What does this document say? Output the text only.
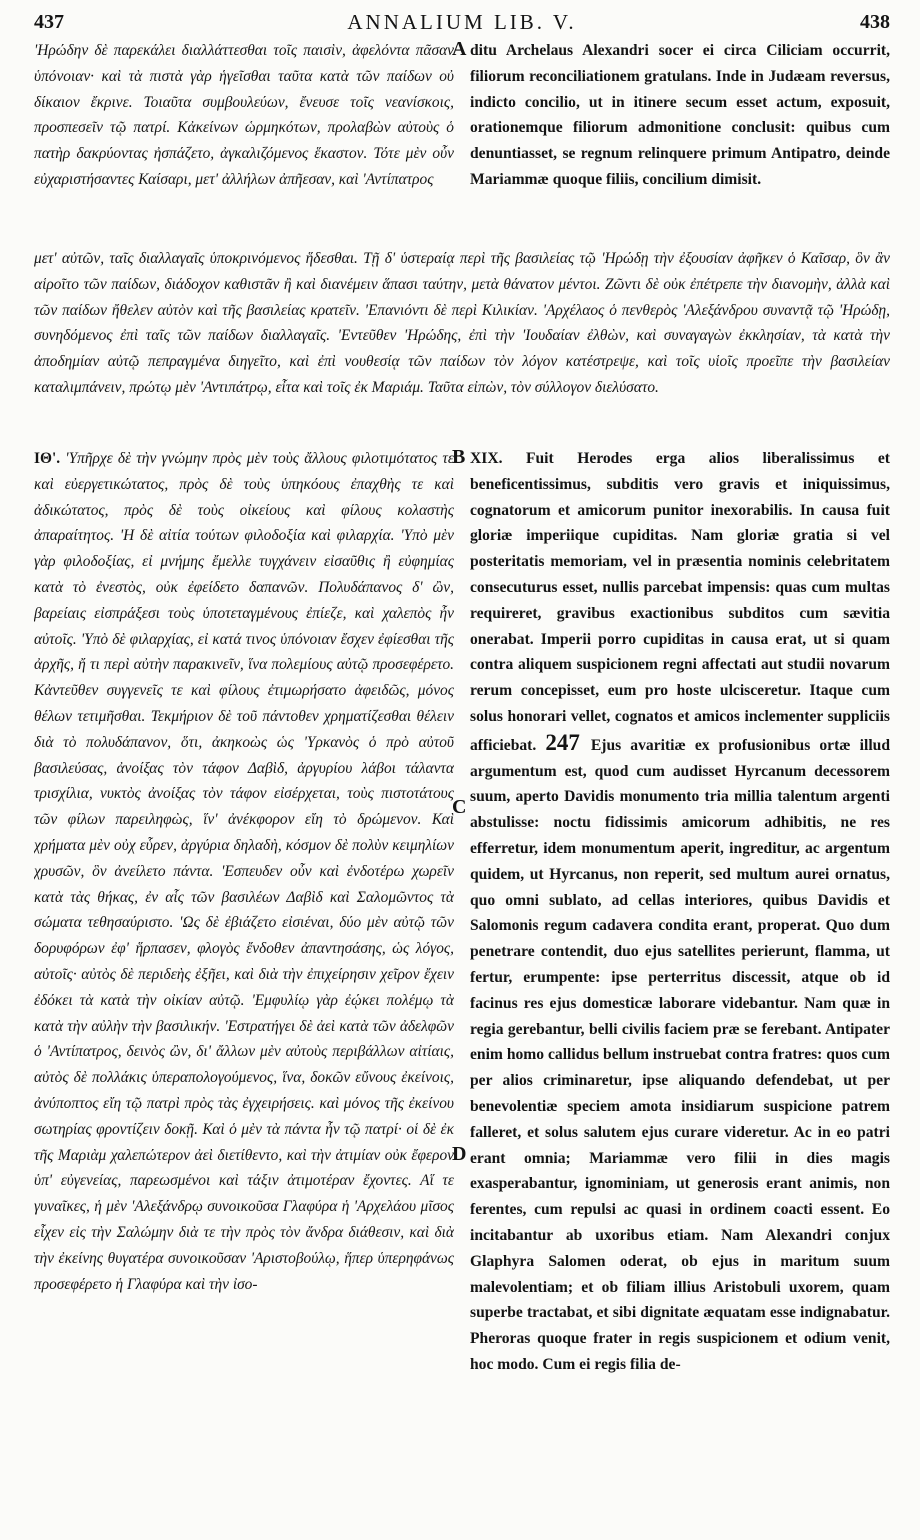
437	ANNALIUM LIB. V.	438

'Ηρώδην δὲ παρεκάλει διαλλάττεσθαι τοῖς παισὶν, ἀφελόντα πᾶσαν ὑπόνοιαν· καὶ τὰ πιστὰ γὰρ ἡγεῖσθαι ταῦτα κατὰ τῶν παίδων οὐ δίκαιον ἔκρινε. Τοιαῦτα συμβουλεύων, ἔνευσε τοῖς νεανίσκοις, προσπεσεῖν τῷ πατρί. Κἀκείνων ὡρμηκότων, προλαβὼν αὐτοὺς ὁ πατὴρ δακρύοντας ἠσπάζετο, ἀγκαλιζόμενος ἕκαστον. Τότε μὲν οὖν εὐχαριστήσαντες Καίσαρι, μετ' ἀλλήλων ἀπῆεσαν, καὶ 'Αντίπατρος

A ditu Archelaus Alexandri socer ei circa Ciliciam occurrit, filiorum reconciliationem gratulans. Inde in Judæam reversus, indicto concilio, ut in itinere secum esset actum, exposuit, orationemque filiorum admonitione conclusit: quibus cum denuntiasset, se regnum relinquere primum Antipatro, deinde Mariammæ quoque filiis, concilium dimisit.

μετ' αὐτῶν, ταῖς διαλλαγαῖς ὑποκρινόμενος ἥδεσθαι. Τῇ δ' ὑστεραίᾳ περὶ τῆς βασιλείας τῷ 'Ηρώδῃ τὴν ἐξουσίαν ἀφῆκεν ὁ Καῖσαρ, ὃν ἂν αἱροῖτο τῶν παίδων, διάδοχον καθιστᾶν ἢ καὶ διανέμειν ἅπασι ταύτην, μετὰ θάνατον μέντοι. Ζῶντι δὲ οὐκ ἐπέτρεπε τὴν διανομὴν, ἀλλὰ καὶ τῶν παίδων ἤθελεν αὐτὸν καὶ τῆς βασιλείας κρατεῖν. 'Επανιόντι δὲ περὶ Κιλικίαν. 'Αρχέλαος ὁ πενθερὸς 'Αλεξάνδρου συναντᾷ τῷ 'Ηρώδῃ, συνηδόμενος ἐπὶ ταῖς τῶν παίδων διαλλαγαῖς. 'Εντεῦθεν 'Ηρώδης, ἐπὶ τὴν 'Ιουδαίαν ἐλθὼν, καὶ συναγαγὼν ἐκκλησίαν, τὰ κατὰ τὴν ἀποδημίαν αὐτῷ πεπραγμένα διηγεῖτο, καὶ ἐπὶ νουθεσίᾳ τῶν παίδων τὸν λόγον κατέστρεψε, καὶ τοῖς υἱοῖς προεῖπε τὴν βασιλείαν καταλιμπάνειν, πρώτῳ μὲν 'Αντιπάτρῳ, εἶτα καὶ τοῖς ἐκ Μαριάμ. Ταῦτα εἰπὼν, τὸν σύλλογον διελύσατο.

ΙΘ'. 'Υπῆρχε δὲ τὴν γνώμην πρὸς μὲν τοὺς ἄλλους φιλοτιμότατος τε καὶ εὐεργετικώτατος, πρὸς δὲ τοὺς ὑπηκόους ἐπαχθὴς τε καὶ ἀδικώτατος, πρὸς δὲ τοὺς οἰκείους καὶ φίλους κολαστὴς ἀπαραίτητος. 'Η δὲ αἰτία τούτων φιλοδοξία καὶ φιλαρχία. 'Υπὸ μὲν γὰρ φιλοδοξίας, εἰ μνήμης ἔμελλε τυγχάνειν εἰσαῦθις ἢ εὐφημίας κατὰ τὸ ἐνεστὸς, οὐκ ἐφείδετο δαπανῶν. Πολυδάπανος δ' ὢν, βαρείαις εἰσπράξεσι τοὺς ὑποτεταγμένους ἐπίεζε, καὶ χαλεπὸς ἦν αὐτοῖς. 'Υπὸ δὲ φιλαρχίας, εἰ κατά τινος ὑπόνοιαν ἔσχεν ἐφίεσθαι τῆς ἀρχῆς, ἤ τι περὶ αὐτὴν παρακινεῖν, ἵνα πολεμίους αὐτῷ προσεφέρετο. Κἀντεῦθεν συγγενεῖς τε καὶ φίλους ἐτιμωρήσατο ἀφειδῶς, μόνος θέλων τετιμῆσθαι. Τεκμήριον δὲ τοῦ πάντοθεν χρηματίζεσθαι θέλειν διὰ τὸ πολυδάπανον, ὅτι, ἀκηκοὼς ὡς 'Υρκανὸς ὁ πρὸ αὐτοῦ βασιλεύσας, ἀνοίξας τὸν τάφον Δαβὶδ, ἀργυρίου λάβοι τάλαντα τρισχίλια, νυκτὸς ἀνοίξας τὸν τάφον εἰσέρχεται, τοὺς πιστοτάτους τῶν φίλων παρειληφὼς, ἵν' ἀνέκφορον εἴη τὸ δρώμενον. Καὶ χρήματα μὲν οὐχ εὗρεν, ἀργύρια δηλαδὴ, κόσμον δὲ πολὺν κειμηλίων χρυσῶν, ὃν ἀνείλετο πάντα. 'Εσπευδεν οὖν καὶ ἐνδοτέρω χωρεῖν κατὰ τὰς θήκας, ἐν αἷς τῶν βασιλέων Δαβὶδ καὶ Σαλομῶντος τὰ σώματα τεθησαύριστο. 'Ως δὲ ἐβιάζετο εἰσιέναι, δύο μὲν αὐτῷ τῶν δορυφόρων ἐφ' ἥρπασεν, φλογὸς ἔνδοθεν ἀπαντησάσης, ὡς λόγος, αὐτοῖς· αὐτὸς δὲ περιδεὴς ἐξῆει, καὶ διὰ τὴν ἐπιχείρησιν χεῖρον ἔχειν ἐδόκει τὰ κατὰ τὴν οἰκίαν αὐτῷ. 'Εμφυλίῳ γὰρ ἐῴκει πολέμῳ τὰ κατὰ τὴν αὐλὴν τὴν βασιλικήν. 'Εστρατήγει δὲ ἀεὶ κατὰ τῶν ἀδελφῶν ὁ 'Αντίπατρος, δεινὸς ὢν, δι' ἄλλων μὲν αὐτοὺς περιβάλλων αἰτίαις, αὐτὸς δὲ πολλάκις ὑπεραπολογούμενος, ἵνα, δοκῶν εὔνους ἐκείνοις, ἀνύποπτος εἴη τῷ πατρὶ πρὸς τὰς ἐγχειρήσεις. καὶ μόνος τῆς ἐκείνου σωτηρίας φροντίζειν δοκῇ. Καὶ ὁ μὲν τὰ πάντα ἦν τῷ πατρί· οἱ δὲ ἐκ τῆς Μαριὰμ χαλεπώτερον ἀεὶ διετίθεντο, καὶ τὴν ἀτιμίαν οὐκ ἔφερον ὑπ' εὐγενείας, παρεωσμένοι καὶ τάξιν ἀτιμοτέραν ἔχοντες. Αἵ τε γυναῖκες, ἡ μὲν 'Αλεξάνδρῳ συνοικοῦσα Γλαφύρα ἡ 'Αρχελάου μῖσος εἶχεν εἰς τὴν Σαλώμην διὰ τε τὴν πρὸς τὸν ἄνδρα διάθεσιν, καὶ διὰ τὴν ἐκείνης θυγατέρα συνοικοῦσαν 'Αριστοβούλῳ, ἥπερ ὑπερηφάνως προσεφέρετο ἡ Γλαφύρα καὶ τὴν ἰσο-
B
C
D
XIX. Fuit Herodes erga alios liberalissimus et beneficentissimus, subditis vero gravis et iniquissimus, cognatorum et amicorum punitor inexorabilis. In causa fuit gloriæ imperiique cupiditas. Nam gloriæ gratia si vel posteritatis memoriam, vel in præsentia nominis celebritatem consecuturus esset, nullis parcebat impensis: quas cum multas requireret, gravibus exactionibus subditos cum sævitia onerabat. Imperii porro cupiditas in causa erat, ut si quam contra aliquem suspicionem regni affectati aut studii novarum rerum concepisset, eum pro hoste ulcisceretur. Itaque cum solus honorari vellet, cognatos et amicos inclementer suppliciis afficiebat. 247 Ejus avaritiæ ex profusionibus ortæ illud argumentum est, quod cum audisset Hyrcanum decessorem suum, aperto Davidis monumento tria millia talentum argenti abstulisse: noctu fidissimis amicorum adhibitis, ne res efferretur, idem monumentum aperit, ingreditur, ac argentum quidem, ut Hyrcanus, non reperit, sed multum aurei ornatus, quo omni sublato, ad cellas interiores, quibus Davidis et Salomonis regum cadavera condita erant, properat. Quo dum penetrare contendit, duo ejus satellites perierunt, flamma, ut fertur, erumpente: ipse perterritus discessit, atque ob id facinus res ejus domesticæ laborare videbantur. Nam quæ in regia gerebantur, belli civilis faciem præ se ferebant. Antipater enim homo callidus bellum instruebat contra fratres: quos cum per alios criminaretur, ipse aliquando defendebat, ut per benevolentiæ speciem amota insidiarum suspicione patrem falleret, et solus salutem ejus curare videretur. Ac in eo patri erant omnia; Mariammæ vero filii in dies magis exasperabantur, ignominiam, ut generosis erant animis, non ferentes, cum repulsi ac quasi in ordinem coacti essent. Eo incitabantur ab uxoribus etiam. Nam Alexandri conjux Glaphyra Salomen oderat, ob ejus in maritum suum malevolentiam; et ob filiam illius Aristobuli uxorem, quam superbe tractabat, et sibi dignitate æquatam esse indignabatur. Pheroras quoque frater in regis suspicionem et odium venit, hoc modo. Cum ei regis filia de-
